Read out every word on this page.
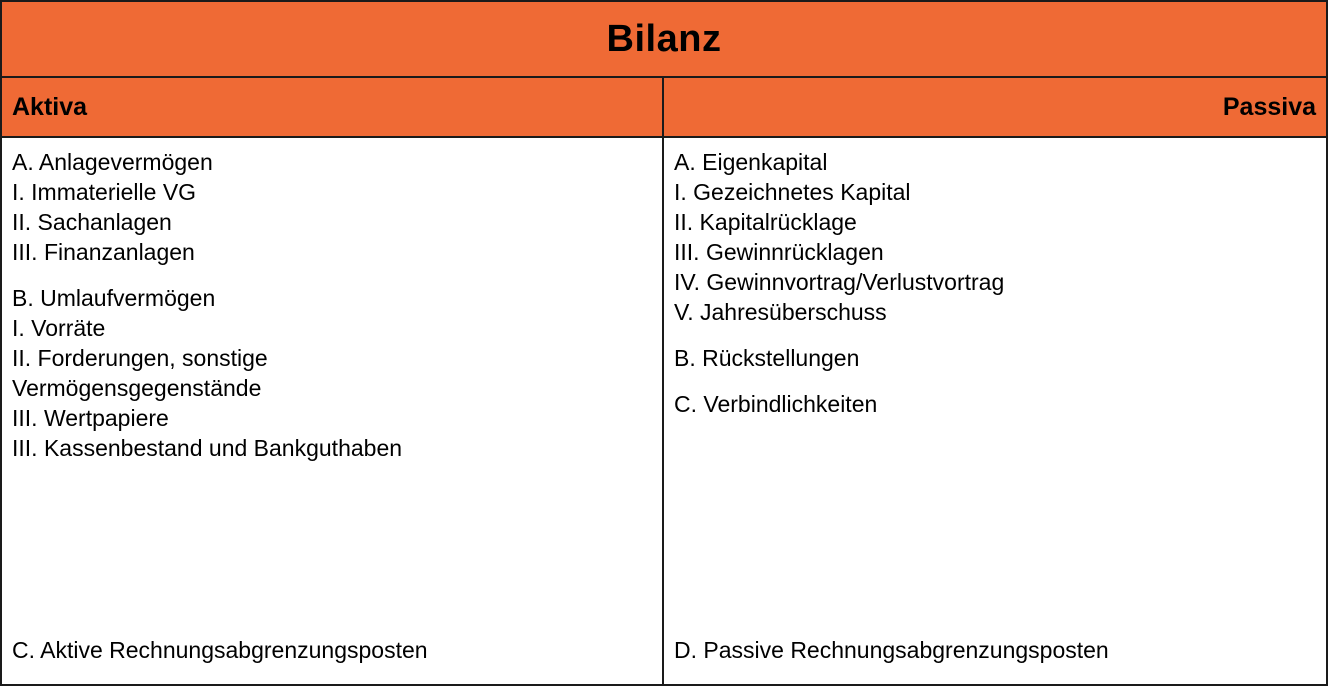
Bilanz
Aktiva	Passiva
A. Anlagevermögen
I. Immaterielle VG
II. Sachanlagen
III. Finanzanlagen
B. Umlaufvermögen
I. Vorräte
II. Forderungen, sonstige
Vermögensgegenstände
III. Wertpapiere
III. Kassenbestand und Bankguthaben
C. Aktive Rechnungsabgrenzungsposten
A. Eigenkapital
I. Gezeichnetes Kapital
II. Kapitalrücklage
III. Gewinnrücklagen
IV. Gewinnvortrag/Verlustvortrag
V. Jahresüberschuss
B. Rückstellungen
C. Verbindlichkeiten
D. Passive Rechnungsabgrenzungsposten
